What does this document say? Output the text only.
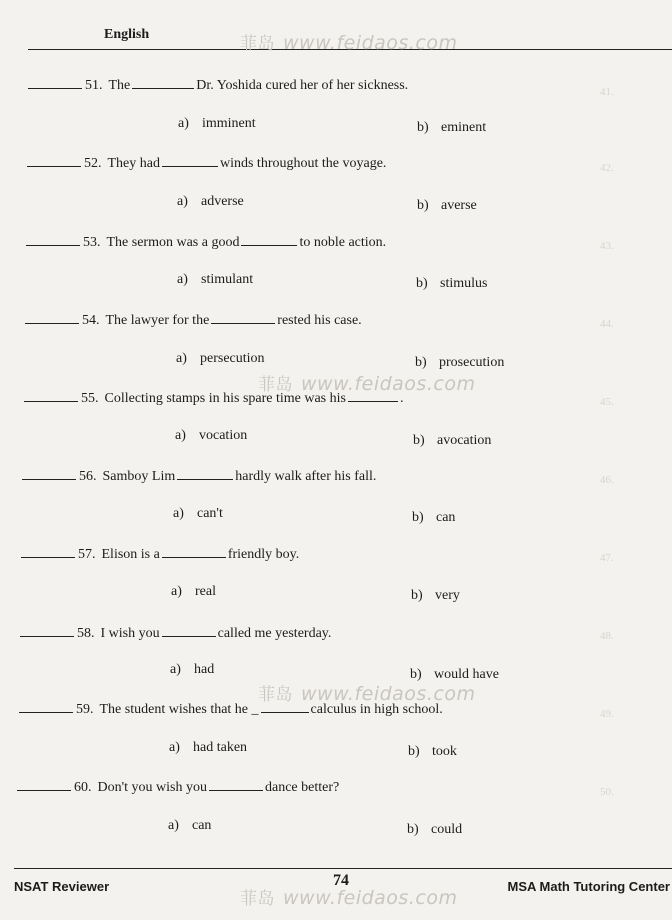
English
41.
42.
43.
44.
45.
46.
47.
48.
49.
50.
菲岛 www.feidaos.com
菲岛 www.feidaos.com
菲岛 www.feidaos.com
菲岛 www.feidaos.com
51. The	Dr. Yoshida cured her of her sickness.
a) imminent	b) eminent
52. They had	winds throughout the voyage.
a) adverse	b) averse
53. The sermon was a good	to noble action.
a) stimulant	b) stimulus
54. The lawyer for the	rested his case.
a) persecution	b) prosecution
55. Collecting stamps in his spare time was his	.
a) vocation	b) avocation
56. Samboy Lim	hardly walk after his fall.
a) can't	b) can
57. Elison is a	friendly boy.
a) real	b) very
58. I wish you	called me yesterday.
a) had	b) would have
59. The student wishes that he _	calculus in high school.
a) had taken	b) took
60. Don't you wish you	dance better?
a) can	b) could
NSAT Reviewer	74	MSA Math Tutoring Center
